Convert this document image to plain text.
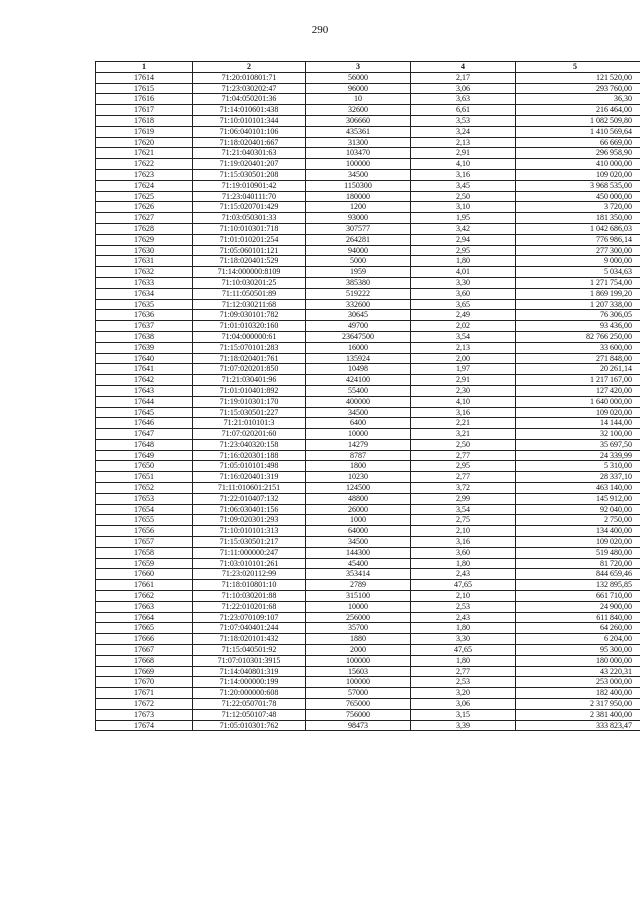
290
1	2	3	4	5
17614	71:20:010801:71	56000	2,17	121 520,00
17615	71:23:030202:47	96000	3,06	293 760,00
17616	71:04:050201:36	10	3,63	36,30
17617	71:14:010601:438	32600	6,61	216 464,00
17618	71:10:010101:344	306660	3,53	1 082 509,80
17619	71:06:040101:106	435361	3,24	1 410 569,64
17620	71:18:020401:667	31300	2,13	66 669,00
17621	71:21:040301:63	103470	2,91	296 958,90
17622	71:19:020401:207	100000	4,10	410 000,00
17623	71:15:030501:208	34500	3,16	109 020,00
17624	71:19:010901:42	1150300	3,45	3 968 535,00
17625	71:23:040111:70	180000	2,50	450 000,00
17626	71:15:020701:429	1200	3,10	3 720,00
17627	71:03:050301:33	93000	1,95	181 350,00
17628	71:10:010301:718	307577	3,42	1 042 686,03
17629	71:01:010201:254	264281	2,94	776 986,14
17630	71:05:060101:121	94000	2,95	277 300,00
17631	71:18:020401:529	5000	1,80	9 000,00
17632	71:14:000000:8109	1959	4,01	5 034,63
17633	71:10:030201:25	385380	3,30	1 271 754,00
17634	71:11:050501:89	519222	3,60	1 869 199,20
17635	71:12:030211:68	332600	3,65	1 207 338,00
17636	71:09:030101:782	30645	2,49	76 306,05
17637	71:01:010320:160	49700	2,02	93 436,00
17638	71:04:000000:61	23647500	3,54	82 766 250,00
17639	71:15:070101:283	16000	2,13	33 600,00
17640	71:18:020401:761	135924	2,00	271 848,00
17641	71:07:020201:850	10498	1,97	20 261,14
17642	71:21:030401:96	424100	2,91	1 217 167,00
17643	71:01:010401:892	55400	2,30	127 420,00
17644	71:19:010301:170	400000	4,10	1 640 000,00
17645	71:15:030501:227	34500	3,16	109 020,00
17646	71:21:010101:3	6400	2,21	14 144,00
17647	71:07:020201:60	10000	3,21	32 100,00
17648	71:23:040320:158	14279	2,50	35 697,50
17649	71:16:020301:188	8787	2,77	24 339,99
17650	71:05:010101:498	1800	2,95	5 310,00
17651	71:16:020401:319	10230	2,77	28 337,10
17652	71:11:010601:2151	124500	3,72	463 140,00
17653	71:22:010407:132	48800	2,99	145 912,00
17654	71:06:030401:156	26000	3,54	92 040,00
17655	71:09:020301:293	1000	2,75	2 750,00
17656	71:10:010101:313	64000	2,10	134 400,00
17657	71:15:030501:217	34500	3,16	109 020,00
17658	71:11:000000:247	144300	3,60	519 480,00
17659	71:03:010101:261	45400	1,80	81 720,00
17660	71:23:020112:99	353414	2,43	844 659,46
17661	71:18:010801:10	2789	47,65	132 895,85
17662	71:10:030201:88	315100	2,10	661 710,00
17663	71:22:010201:68	10000	2,53	24 900,00
17664	71:23:070109:107	256000	2,43	611 840,00
17665	71:07:040401:244	35700	1,80	64 260,00
17666	71:18:020101:432	1880	3,30	6 204,00
17667	71:15:040501:92	2000	47,65	95 300,00
17668	71:07:010301:3915	100000	1,80	180 000,00
17669	71:14:040801:319	15603	2,77	43 220,31
17670	71:14:000000:199	100000	2,53	253 000,00
17671	71:20:000000:608	57000	3,20	182 400,00
17672	71:22:050701:78	765000	3,06	2 317 950,00
17673	71:12:050107:48	756000	3,15	2 381 400,00
17674	71:05:010301:762	98473	3,39	333 823,47
